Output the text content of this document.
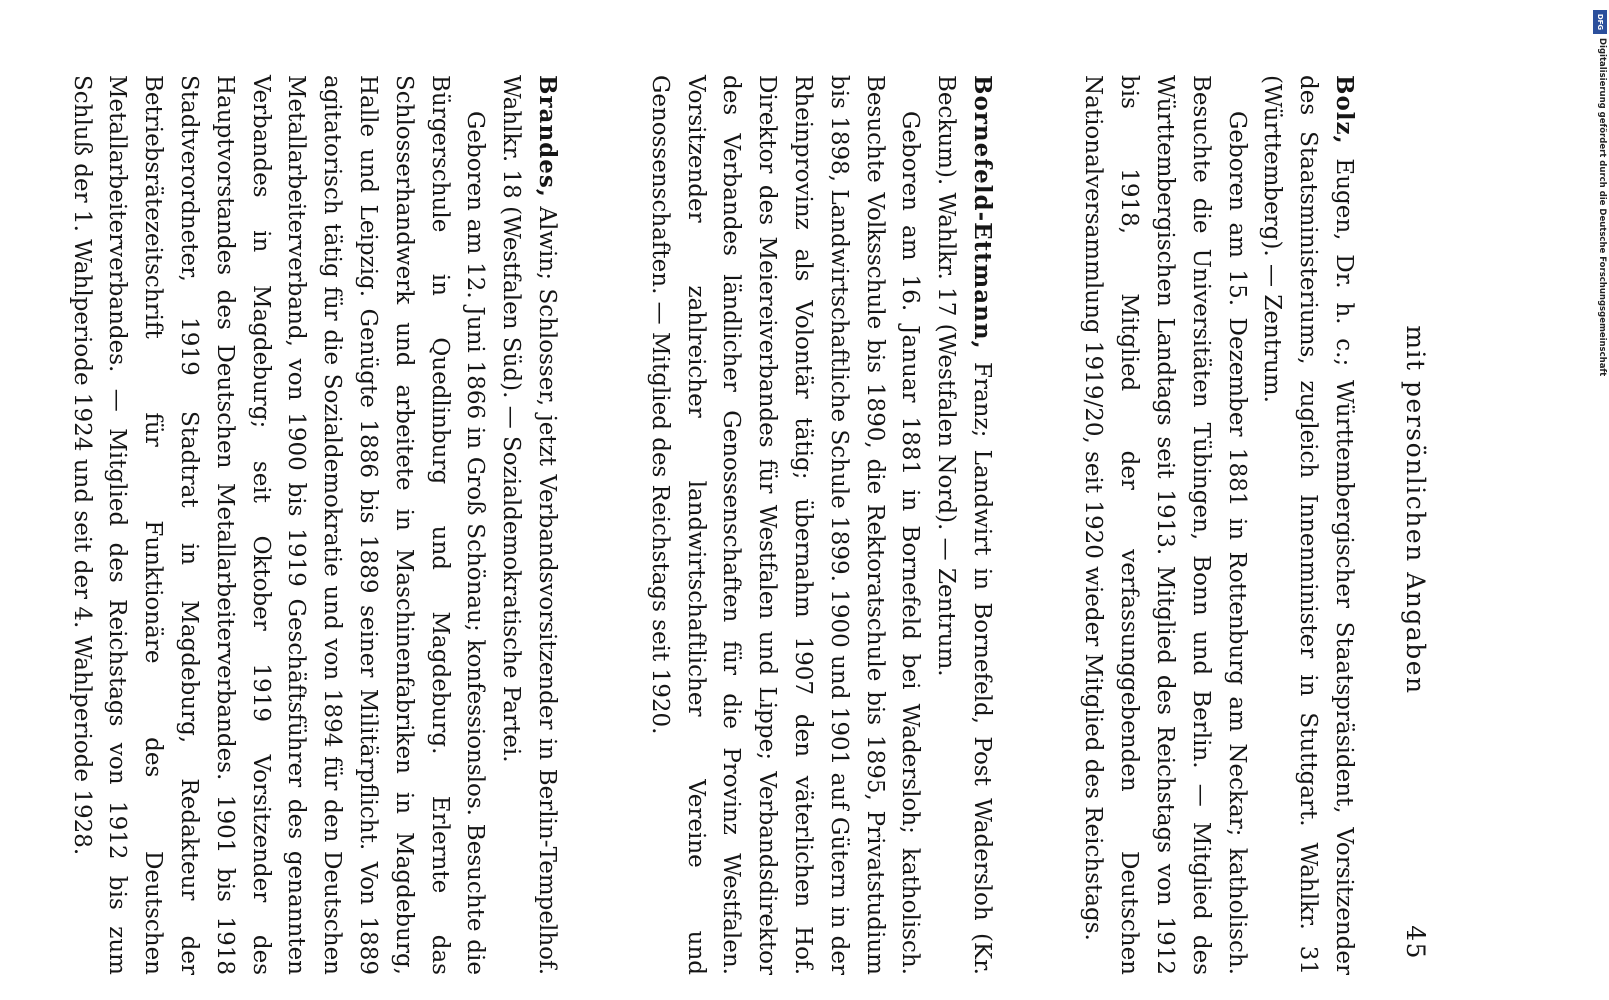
mit persönlichen Angaben
45

Bolz, Eugen, Dr. h. c.; Württembergischer Staatspräsident, Vorsitzender des Staatsministeriums, zugleich Innenminister in Stuttgart. Wahlkr. 31 (Württemberg). — Zentrum.

Geboren am 15. Dezember 1881 in Rottenburg am Neckar; katholisch. Besuchte die Universitäten Tübingen, Bonn und Berlin. — Mitglied des Württembergischen Landtags seit 1913. Mitglied des Reichstags von 1912 bis 1918, Mitglied der verfassunggebenden Deutschen Nationalversammlung 1919/20, seit 1920 wieder Mitglied des Reichstags.

Bornefeld-Ettmann, Franz; Landwirt in Bornefeld, Post Wadersloh (Kr. Beckum). Wahlkr. 17 (Westfalen Nord). — Zentrum.

Geboren am 16. Januar 1881 in Bornefeld bei Wadersloh; katholisch. Besuchte Volksschule bis 1890, die Rektoratschule bis 1895, Privatstudium bis 1898, Landwirtschaftliche Schule 1899. 1900 und 1901 auf Gütern in der Rheinprovinz als Volontär tätig; übernahm 1907 den väterlichen Hof. Direktor des Meiereiverbandes für Westfalen und Lippe; Verbandsdirektor des Verbandes ländlicher Genossenschaften für die Provinz Westfalen. Vorsitzender zahlreicher landwirtschaftlicher Vereine und Genossenschaften. — Mitglied des Reichstags seit 1920.

Brandes, Alwin; Schlosser, jetzt Verbandsvorsitzender in Berlin-Tempelhof. Wahlkr. 18 (Westfalen Süd). — Sozialdemokratische Partei.

Geboren am 12. Juni 1866 in Groß Schönau; konfessionslos. Besuchte die Bürgerschule in Quedlinburg und Magdeburg. Erlernte das Schlosserhandwerk und arbeitete in Maschinenfabriken in Magdeburg, Halle und Leipzig. Genügte 1886 bis 1889 seiner Militärpflicht. Von 1889 agitatorisch tätig für die Sozialdemokratie und von 1894 für den Deutschen Metallarbeiterverband, von 1900 bis 1919 Geschäftsführer des genannten Verbandes in Magdeburg; seit Oktober 1919 Vorsitzender des Hauptvorstandes des Deutschen Metallarbeiterverbandes. 1901 bis 1918 Stadtverordneter, 1919 Stadtrat in Magdeburg, Redakteur der Betriebsrätezeitschrift für Funktionäre des Deutschen Metallarbeiterverbandes. — Mitglied des Reichstags von 1912 bis zum Schluß der 1. Wahlperiode 1924 und seit der 4. Wahlperiode 1928.

DFG
Digitalisierung gefördert durch die Deutsche Forschungsgemeinschaft
